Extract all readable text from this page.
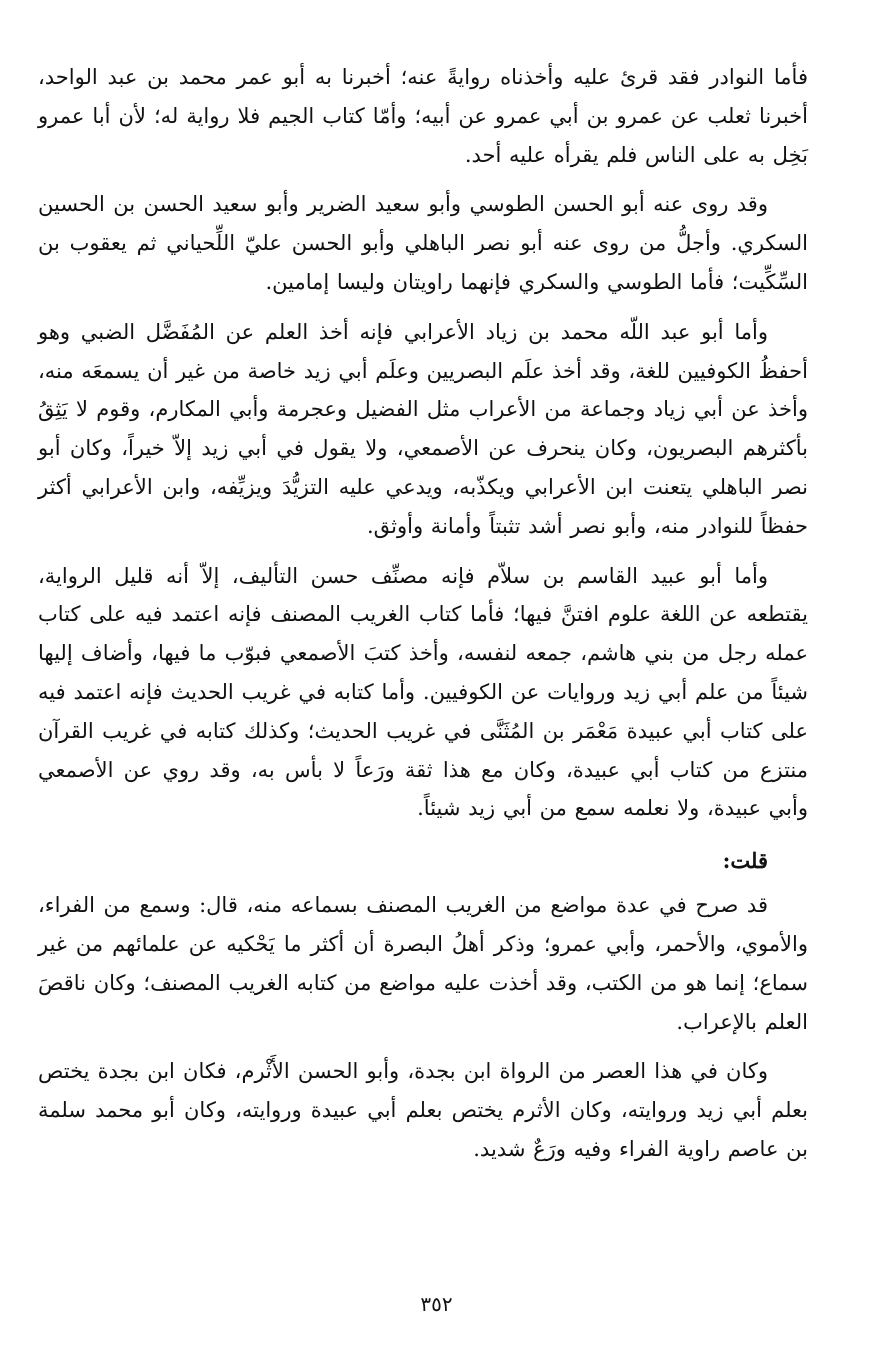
فأما النوادر فقد قرئ عليه وأخذناه روايةً عنه؛ أخبرنا به أبو عمر محمد بن عبد الواحد، أخبرنا ثعلب عن عمرو بن أبي عمرو عن أبيه؛ وأمّا كتاب الجيم فلا رواية له؛ لأن أبا عمرو بَخِل به على الناس فلم يقرأه عليه أحد.

وقد روى عنه أبو الحسن الطوسي وأبو سعيد الضرير وأبو سعيد الحسن بن الحسين السكري. وأجلُّ من روى عنه أبو نصر الباهلي وأبو الحسن عليّ اللِّحياني ثم يعقوب بن السِّكِّيت؛ فأما الطوسي والسكري فإنهما راويتان وليسا إمامين.

وأما أبو عبد اللّه محمد بن زياد الأعرابي فإنه أخذ العلم عن المُفَضَّل الضبي وهو أحفظُ الكوفيين للغة، وقد أخذ علَم البصريين وعلَم أبي زيد خاصة من غير أن يسمعَه منه، وأخذ عن أبي زياد وجماعة من الأعراب مثل الفضيل وعجرمة وأبي المكارم، وقوم لا يَثِقُ بأكثرهم البصريون، وكان ينحرف عن الأصمعي، ولا يقول في أبي زيد إلاّ خيراً، وكان أبو نصر الباهلي يتعنت ابن الأعرابي ويكذّبه، ويدعي عليه التزيُّدَ ويزيِّفه، وابن الأعرابي أكثر حفظاً للنوادر منه، وأبو نصر أشد تثبتاً وأمانة وأوثق.

وأما أبو عبيد القاسم بن سلاّم فإنه مصنِّف حسن التأليف، إلاّ أنه قليل الرواية، يقتطعه عن اللغة علوم افتنَّ فيها؛ فأما كتاب الغريب المصنف فإنه اعتمد فيه على كتاب عمله رجل من بني هاشم، جمعه لنفسه، وأخذ كتبَ الأصمعي فبوّب ما فيها، وأضاف إليها شيئاً من علم أبي زيد وروايات عن الكوفيين. وأما كتابه في غريب الحديث فإنه اعتمد فيه على كتاب أبي عبيدة مَعْمَر بن المُثَنَّى في غريب الحديث؛ وكذلك كتابه في غريب القرآن منتزع من كتاب أبي عبيدة، وكان مع هذا ثقة ورَعاً لا بأس به، وقد روي عن الأصمعي وأبي عبيدة، ولا نعلمه سمع من أبي زيد شيئاً.

قلت:

قد صرح في عدة مواضع من الغريب المصنف بسماعه منه، قال: وسمع من الفراء، والأموي، والأحمر، وأبي عمرو؛ وذكر أهلُ البصرة أن أكثر ما يَحْكيه عن علمائهم من غير سماع؛ إنما هو من الكتب، وقد أخذت عليه مواضع من كتابه الغريب المصنف؛ وكان ناقصَ العلم بالإعراب.

وكان في هذا العصر من الرواة ابن بجدة، وأبو الحسن الأَثْرم، فكان ابن بجدة يختص بعلم أبي زيد وروايته، وكان الأثرم يختص بعلم أبي عبيدة وروايته، وكان أبو محمد سلمة بن عاصم راوية الفراء وفيه ورَعٌ شديد.

٣٥٢
